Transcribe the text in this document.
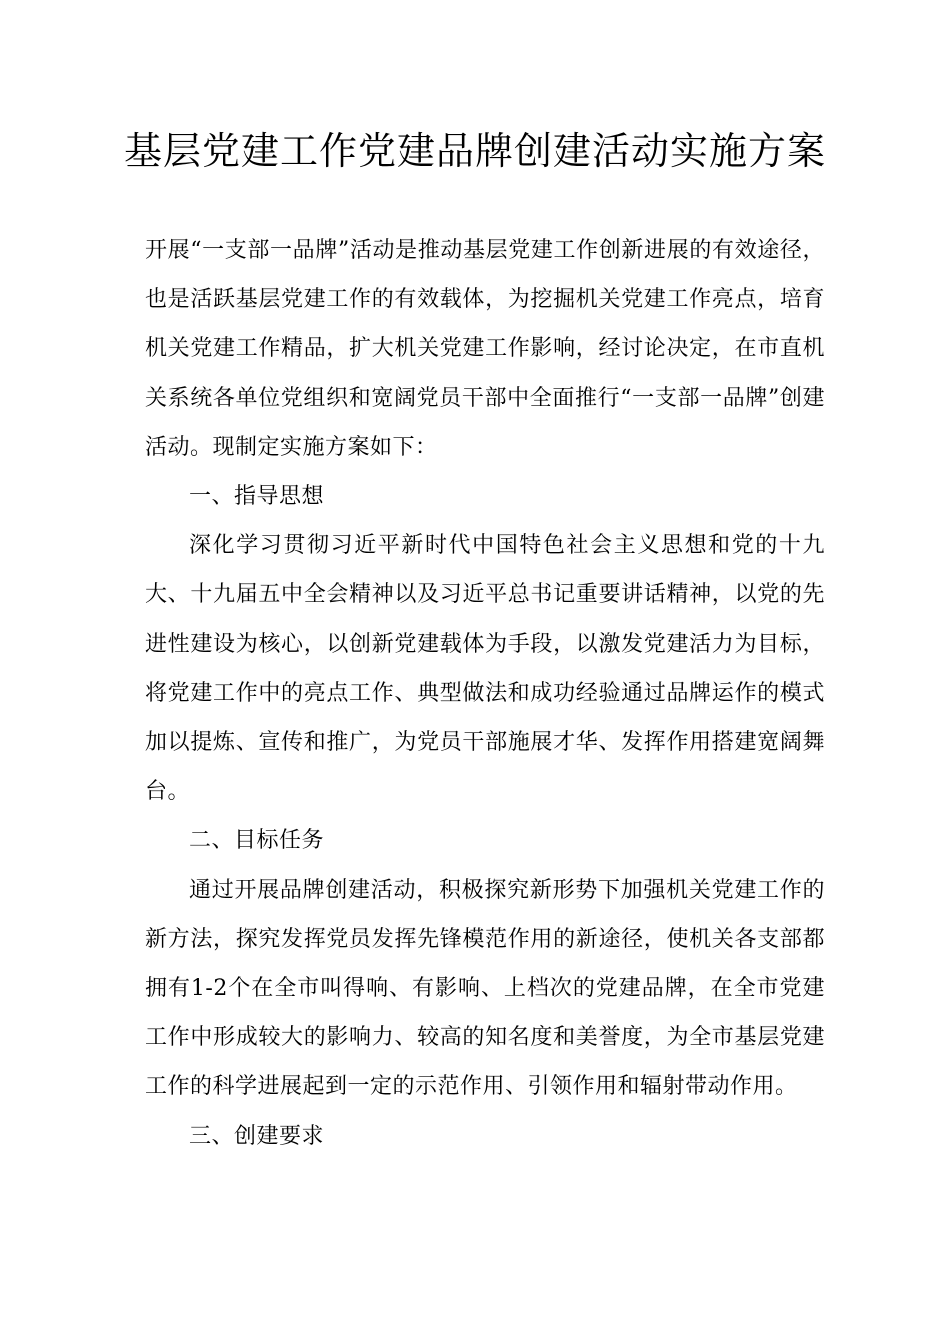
基层党建工作党建品牌创建活动实施方案

开展“一支部一品牌”活动是推动基层党建工作创新进展的有效途径，也是活跃基层党建工作的有效载体，为挖掘机关党建工作亮点，培育机关党建工作精品，扩大机关党建工作影响，经讨论决定，在市直机关系统各单位党组织和宽阔党员干部中全面推行“一支部一品牌”创建活动。现制定实施方案如下：

一、指导思想

深化学习贯彻习近平新时代中国特色社会主义思想和党的十九大、十九届五中全会精神以及习近平总书记重要讲话精神，以党的先进性建设为核心，以创新党建载体为手段，以激发党建活力为目标，将党建工作中的亮点工作、典型做法和成功经验通过品牌运作的模式加以提炼、宣传和推广，为党员干部施展才华、发挥作用搭建宽阔舞台。

二、目标任务

通过开展品牌创建活动，积极探究新形势下加强机关党建工作的新方法，探究发挥党员发挥先锋模范作用的新途径，使机关各支部都拥有1-2个在全市叫得响、有影响、上档次的党建品牌，在全市党建工作中形成较大的影响力、较高的知名度和美誉度，为全市基层党建工作的科学进展起到一定的示范作用、引领作用和辐射带动作用。

三、创建要求
